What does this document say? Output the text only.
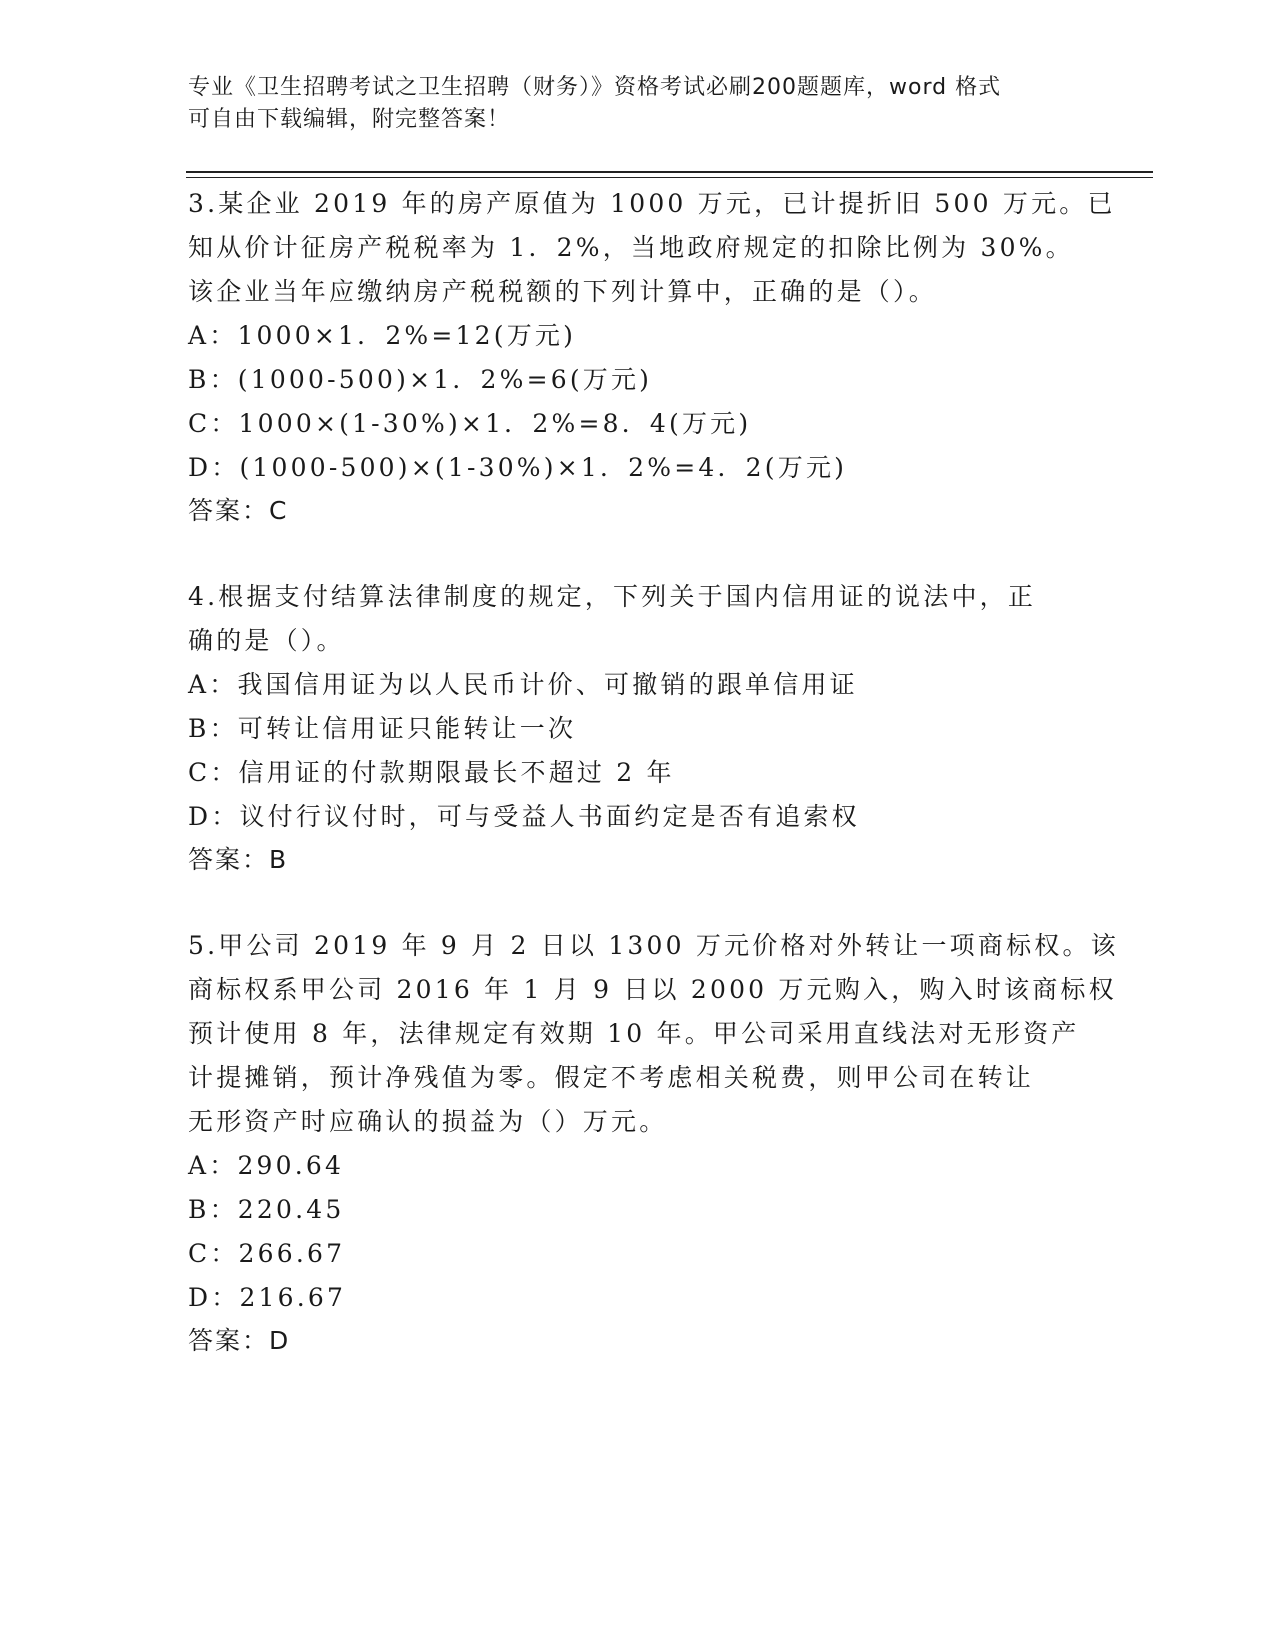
专业《卫生招聘考试之卫生招聘（财务）》资格考试必刷200题题库，word 格式
可自由下载编辑，附完整答案！
3.某企业 2019 年的房产原值为 1000 万元，已计提折旧 500 万元。已
知从价计征房产税税率为 1．2%，当地政府规定的扣除比例为 30%。
该企业当年应缴纳房产税税额的下列计算中，正确的是（）。
A：1000×1．2%=12(万元)
B：(1000-500)×1．2%=6(万元)
C：1000×(1-30%)×1．2%=8．4(万元)
D：(1000-500)×(1-30%)×1．2%=4．2(万元)
答案：C
4.根据支付结算法律制度的规定，下列关于国内信用证的说法中，正
确的是（）。
A：我国信用证为以人民币计价、可撤销的跟单信用证
B：可转让信用证只能转让一次
C：信用证的付款期限最长不超过 2 年
D：议付行议付时，可与受益人书面约定是否有追索权
答案：B
5.甲公司 2019 年 9 月 2 日以 1300 万元价格对外转让一项商标权。该
商标权系甲公司 2016 年 1 月 9 日以 2000 万元购入，购入时该商标权
预计使用 8 年，法律规定有效期 10 年。甲公司采用直线法对无形资产
计提摊销，预计净残值为零。假定不考虑相关税费，则甲公司在转让
无形资产时应确认的损益为（）万元。
A：290.64
B：220.45
C：266.67
D：216.67
答案：D
